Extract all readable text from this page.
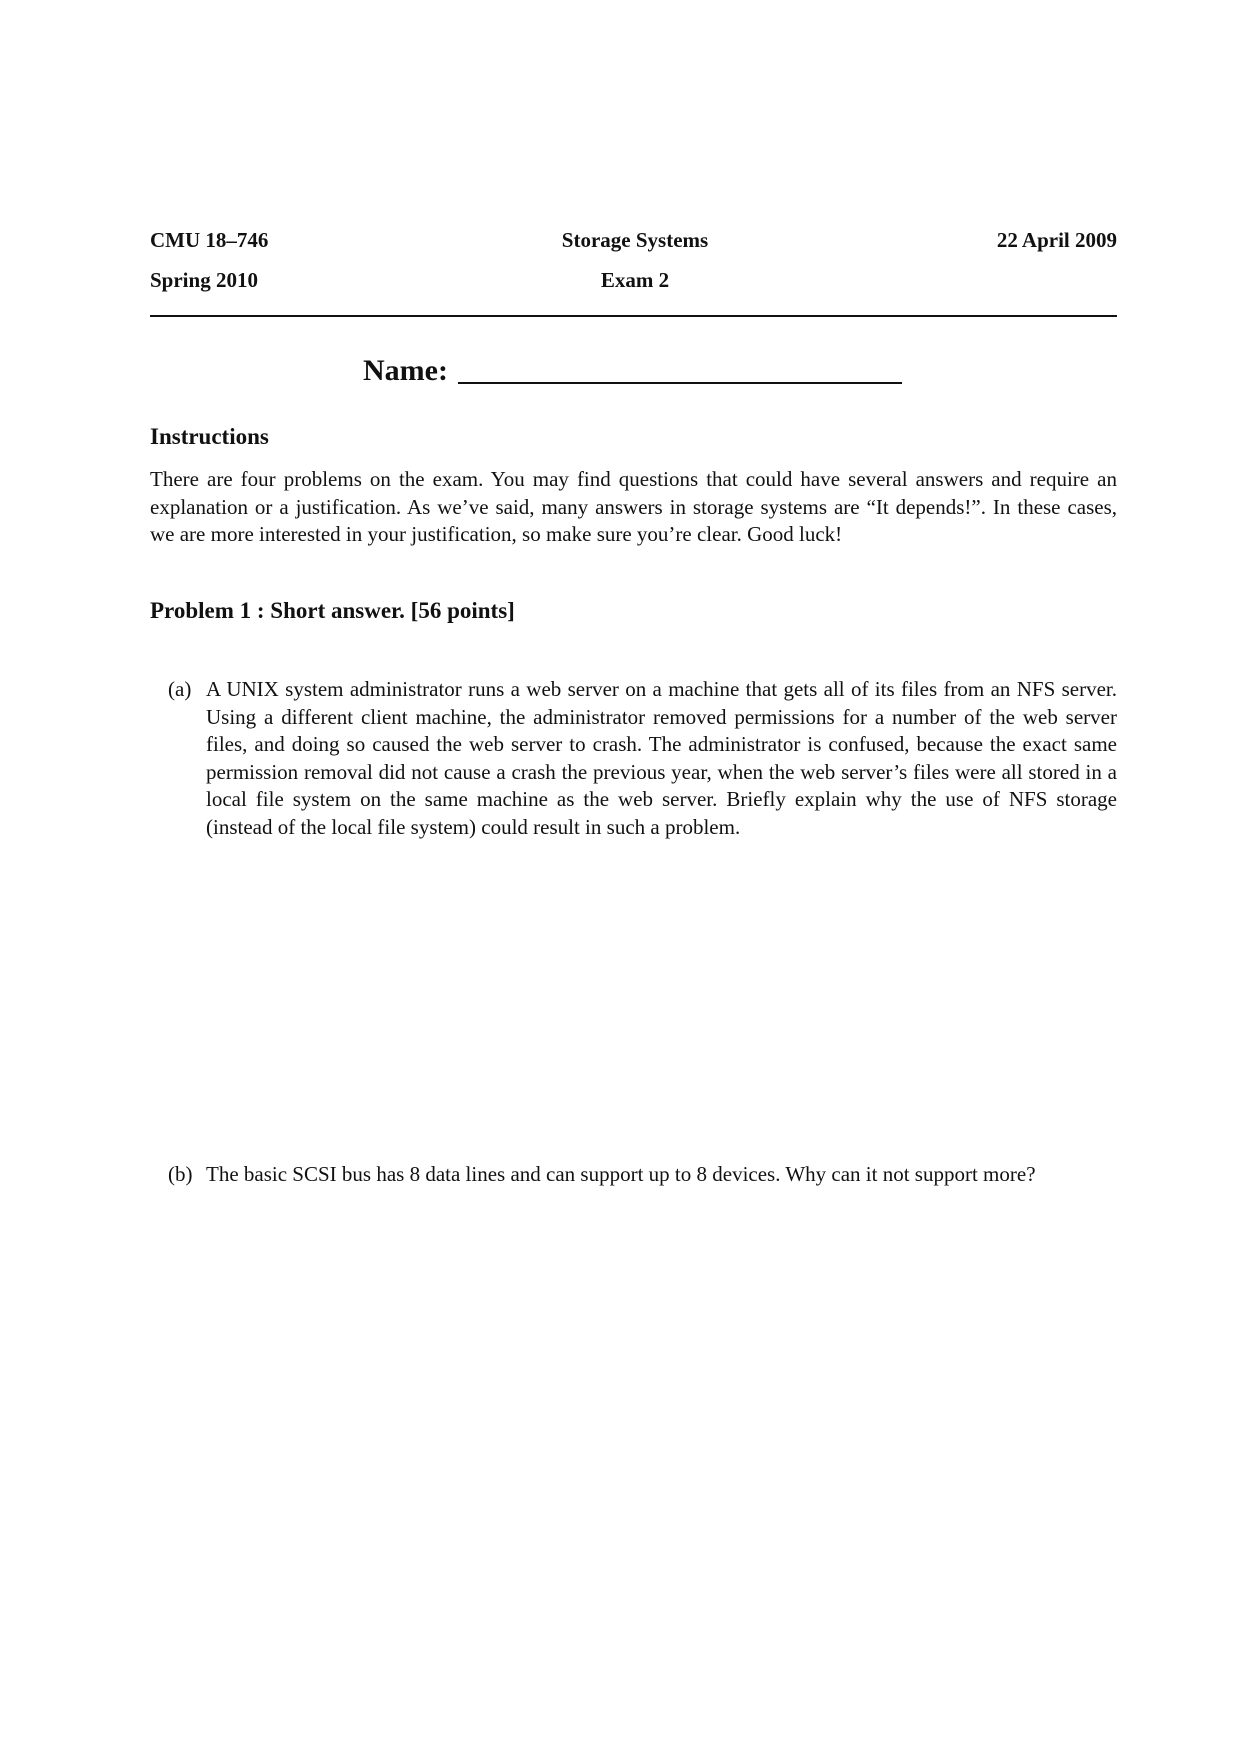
CMU 18–746	Storage Systems	22 April 2009
Spring 2010	Exam 2
Name:
Instructions
There are four problems on the exam. You may find questions that could have several answers and require an explanation or a justification. As we’ve said, many answers in storage systems are “It depends!”. In these cases, we are more interested in your justification, so make sure you’re clear. Good luck!
Problem 1 : Short answer. [56 points]
(a) A UNIX system administrator runs a web server on a machine that gets all of its files from an NFS server. Using a different client machine, the administrator removed permissions for a number of the web server files, and doing so caused the web server to crash. The administrator is confused, because the exact same permission removal did not cause a crash the previous year, when the web server’s files were all stored in a local file system on the same machine as the web server. Briefly explain why the use of NFS storage (instead of the local file system) could result in such a problem.
(b) The basic SCSI bus has 8 data lines and can support up to 8 devices. Why can it not support more?
